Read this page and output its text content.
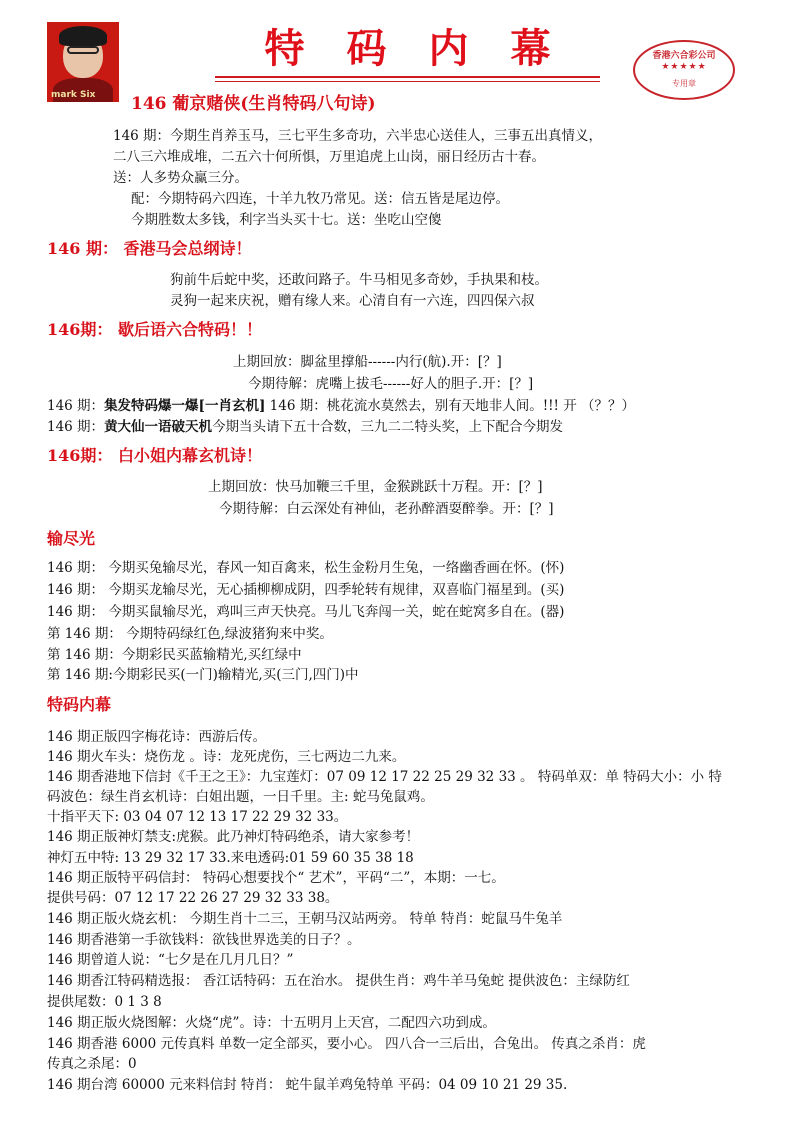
mark Six
特码内幕	香港六合彩公司
★★★★★
专用章
146 葡京赌侠(生肖特码八句诗)
146 期：今期生肖养玉马，三七平生多奇功，六半忠心送佳人，三事五出真情义，
二八三六堆成堆，二五六十何所惧，万里追虎上山岗，丽日经历古十春。
送：人多势众赢三分。
配：今期特码六四连，十羊九牧乃常见。送：信五皆是尾边停。
今期胜数太多钱，利字当头买十七。送：坐吃山空傻
146 期： 香港马会总纲诗！
狗前牛后蛇中奖，还敢问路子。牛马相见多奇妙，手执果和枝。
灵狗一起来庆祝，赠有缘人来。心清自有一六连，四四保六叔
146期： 歇后语六合特码！！
上期回放：脚盆里撑船------内行(航).开：[？]
今期待解：虎嘴上拔毛------好人的胆子.开：[？]
146 期：集发特码爆一爆[一肖玄机] 146 期：桃花流水莫然去，别有天地非人间。!!! 开 （？？）
146 期：黄大仙一语破天机今期当头请下五十合数，三九二二特头奖，上下配合今期发
146期： 白小姐内幕玄机诗！
上期回放：快马加鞭三千里，金猴跳跃十万程。开：[？]
今期待解：白云深处有神仙，老孙醉酒耍醉拳。开：[？]
输尽光
146 期： 今期买兔输尽光，春风一知百禽来，松生金粉月生兔，一络幽香画在怀。(怀)
146 期： 今期买龙输尽光，无心插柳柳成阴，四季轮转有规律，双喜临门福星到。(买)
146 期： 今期买鼠输尽光，鸡叫三声天快亮。马儿飞奔闯一关，蛇在蛇窝多自在。(器)
第 146 期： 今期特码绿红色,绿波猪狗来中奖。
第 146 期：今期彩民买蓝输精光,买红绿中
第 146 期:今期彩民买(一门)输精光,买(三门,四门)中
特码内幕
146 期正版四字梅花诗：西游后传。
146 期火车头：烧伤龙 。诗：龙死虎伤，三七两边二九来。
146 期香港地下信封《千王之王》：九宝莲灯：07 09 12 17 22 25 29 32 33 。 特码单双：单 特码大小：小 特
码波色：绿生肖玄机诗：白姐出题，一日千里。主: 蛇马兔鼠鸡。
十指平天下: 03 04 07 12 13 17 22 29 32 33。
146 期正版神灯禁支:虎猴。此乃神灯特码绝杀，请大家参考！
神灯五中特: 13 29 32 17 33.来电透码:01 59 60 35 38 18
146 期正版特平码信封： 特码心想要找个“ 艺术”，平码“二”，本期：一七。
提供号码：07 12 17 22 26 27 29 32 33 38。
146 期正版火烧玄机： 今期生肖十二三，王朝马汉站两旁。 特单 特肖：蛇鼠马牛兔羊
146 期香港第一手欲钱料：欲钱世界选美的日子？。
146 期曾道人说：“七夕是在几月几日？”
146 期香江特码精选报： 香江话特码：五在治水。 提供生肖：鸡牛羊马兔蛇 提供波色：主绿防红
提供尾数：0 1 3 8
146 期正版火烧图解：火烧“虎”。诗：十五明月上天宫，二配四六功到成。
146 期香港 6000 元传真料 单数一定全部买，要小心。 四八合一三后出，合兔出。 传真之杀肖：虎
传真之杀尾：0
146 期台湾 60000 元来料信封 特肖： 蛇牛鼠羊鸡兔特单 平码：04 09 10 21 29 35.
